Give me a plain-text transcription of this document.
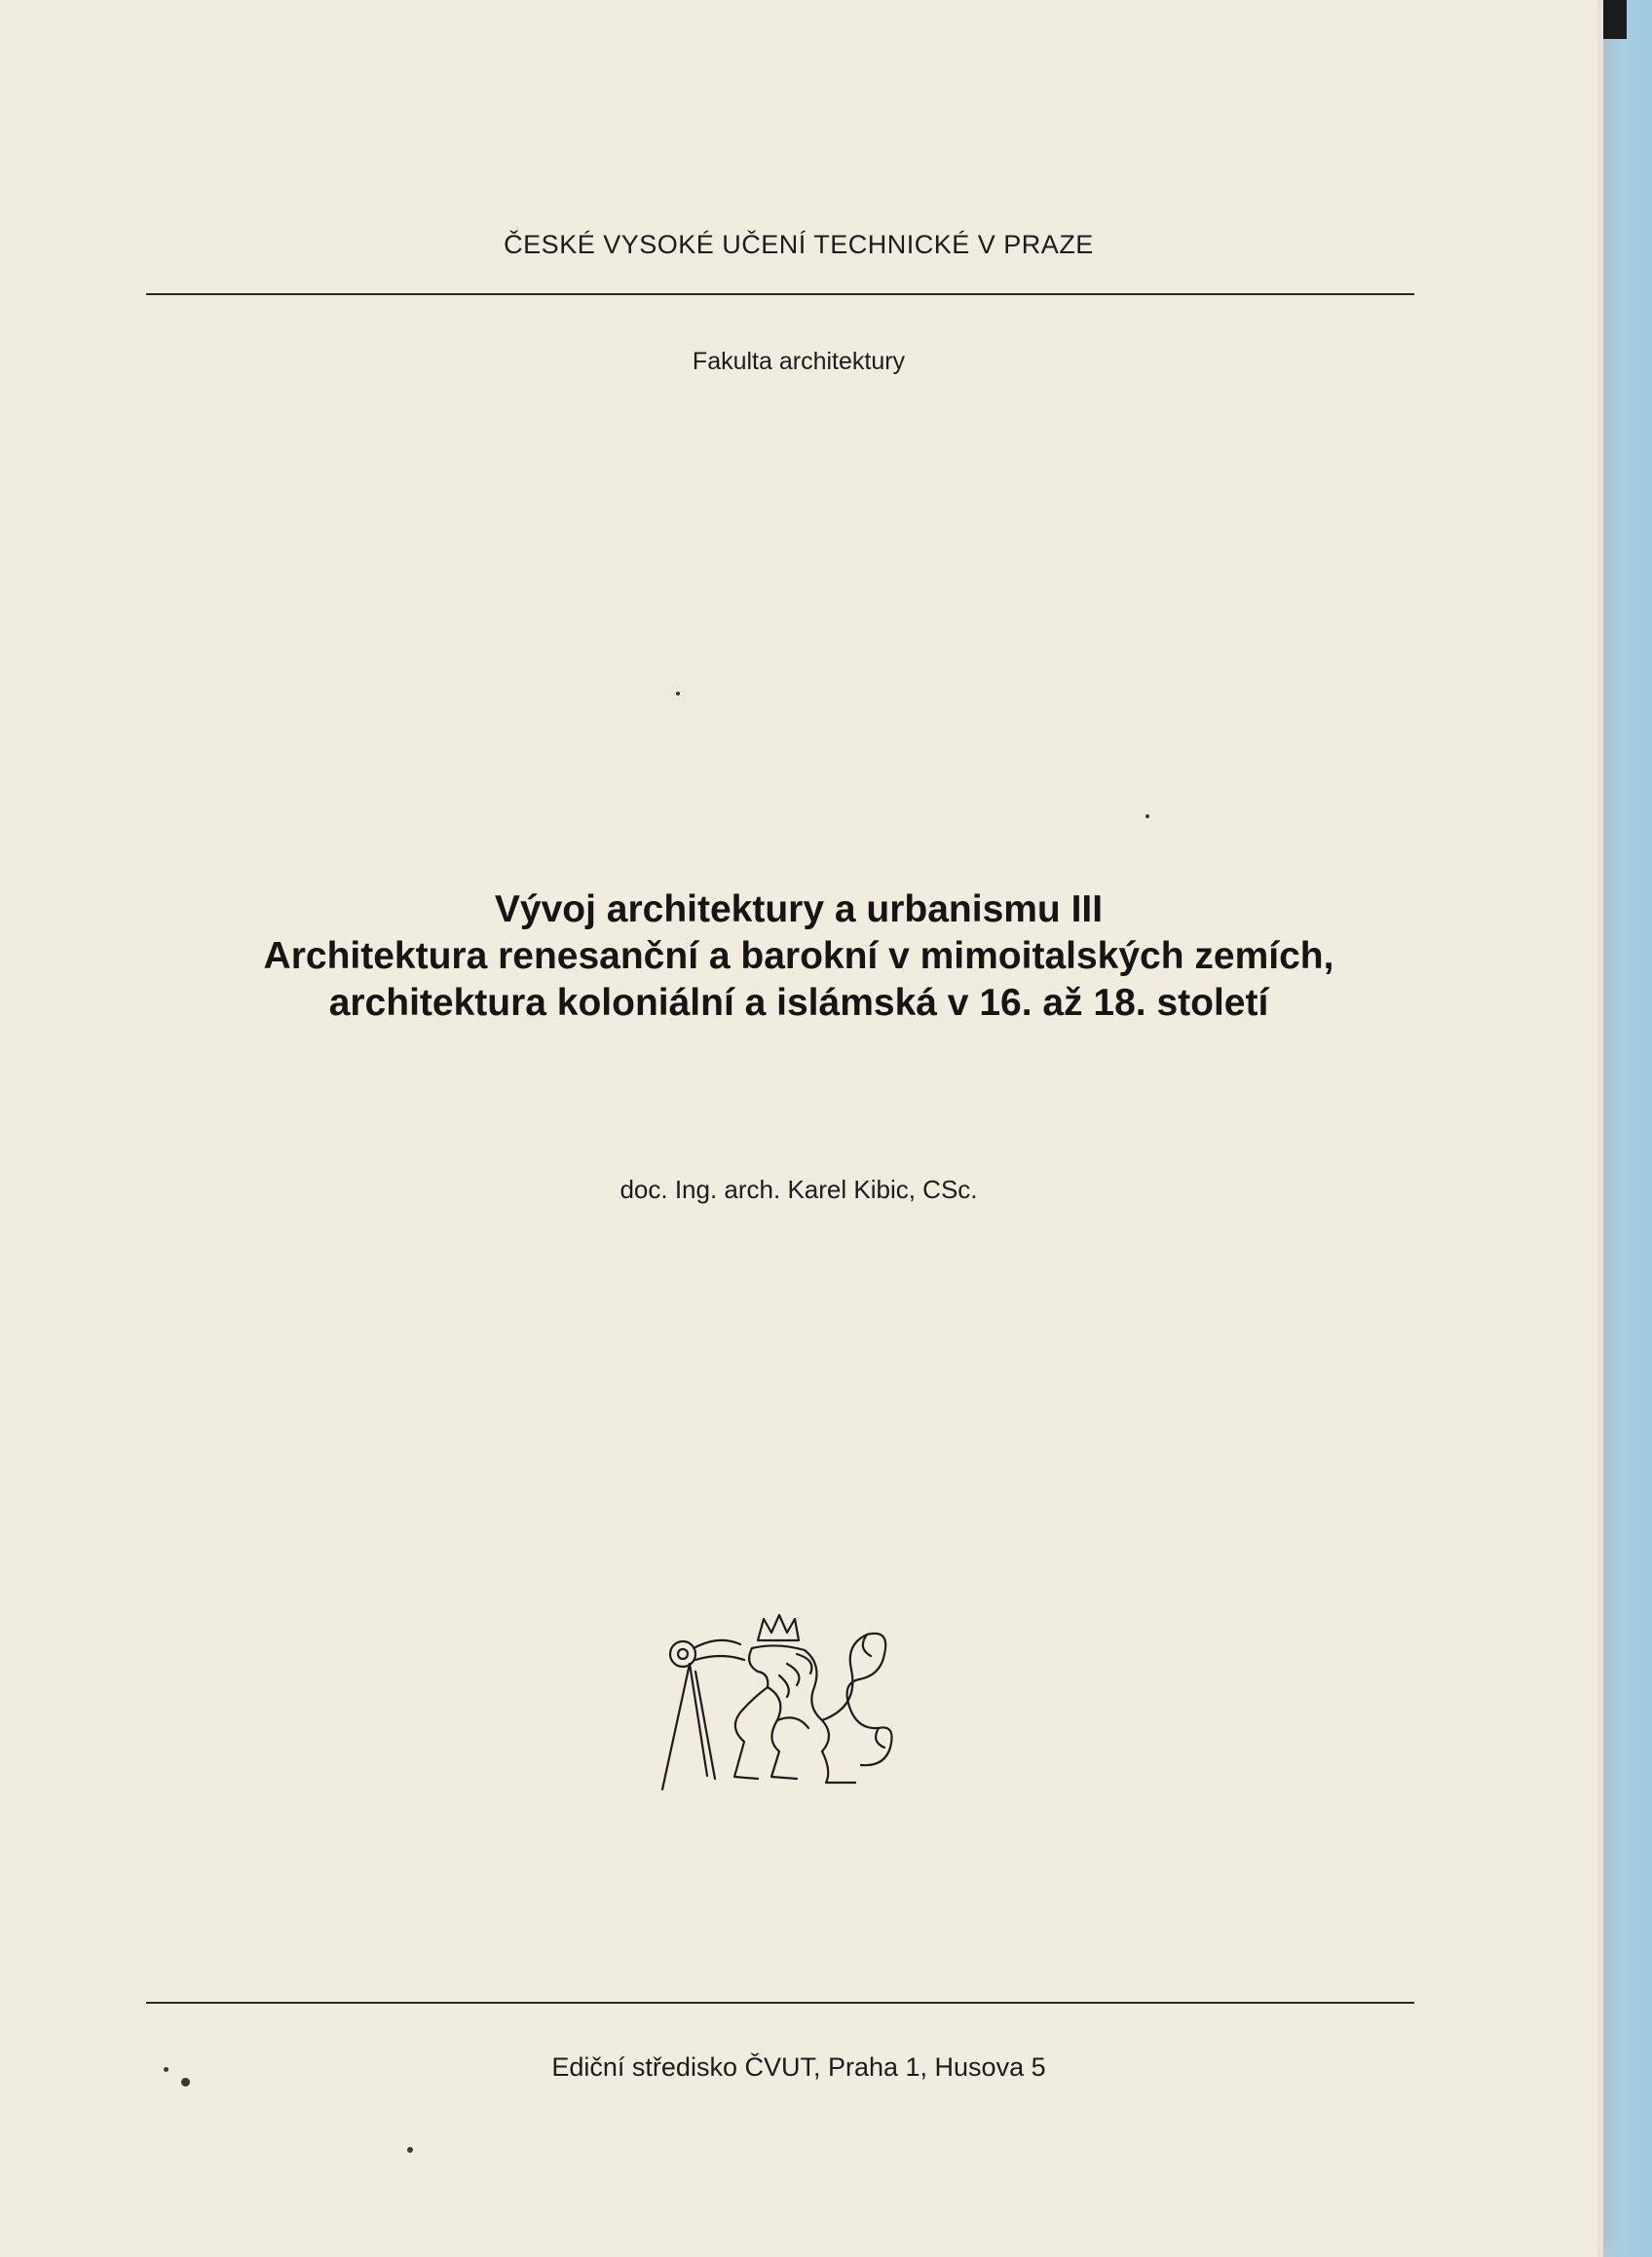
ČESKÉ VYSOKÉ UČENÍ TECHNICKÉ V PRAZE
Fakulta architektury
Vývoj architektury a urbanismu III
Architektura renesanční a barokní v mimoitalských zemích,
architektura koloniální a islámská v 16. až 18. století
doc. Ing. arch. Karel Kibic, CSc.
Ediční středisko ČVUT, Praha 1, Husova 5
